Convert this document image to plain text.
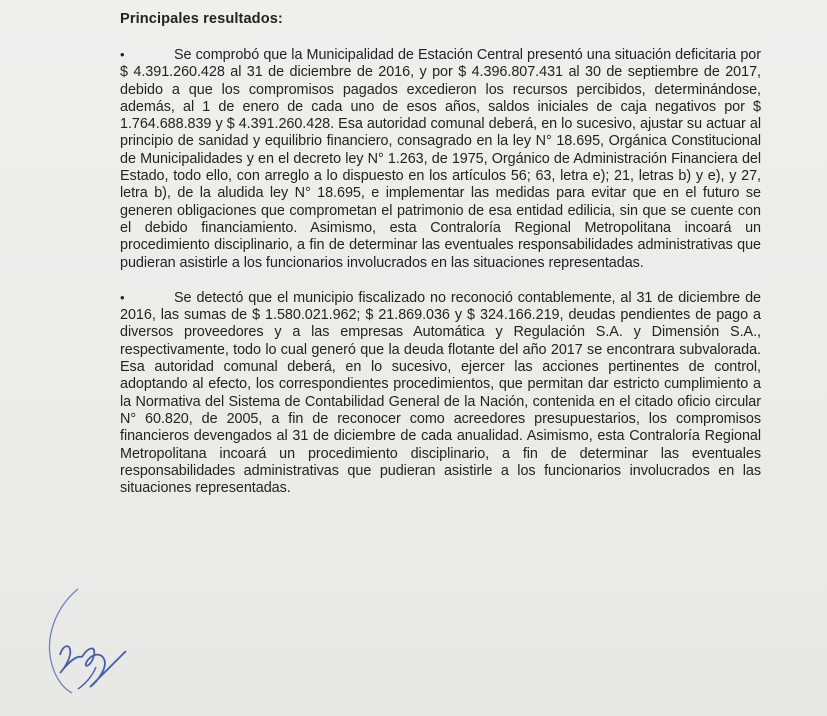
Principales resultados:

•	Se comprobó que la Municipalidad de Estación Central presentó una situación deficitaria por $ 4.391.260.428 al 31 de diciembre de 2016, y por $ 4.396.807.431 al 30 de septiembre de 2017, debido a que los compromisos pagados excedieron los recursos percibidos, determinándose, además, al 1 de enero de cada uno de esos años, saldos iniciales de caja negativos por $ 1.764.688.839 y $ 4.391.260.428. Esa autoridad comunal deberá, en lo sucesivo, ajustar su actuar al principio de sanidad y equilibrio financiero, consagrado en la ley N° 18.695, Orgánica Constitucional de Municipalidades y en el decreto ley N° 1.263, de 1975, Orgánico de Administración Financiera del Estado, todo ello, con arreglo a lo dispuesto en los artículos 56; 63, letra e); 21, letras b) y e), y 27, letra b), de la aludida ley N° 18.695, e implementar las medidas para evitar que en el futuro se generen obligaciones que comprometan el patrimonio de esa entidad edilicia, sin que se cuente con el debido financiamiento. Asimismo, esta Contraloría Regional Metropolitana incoará un procedimiento disciplinario, a fin de determinar las eventuales responsabilidades administrativas que pudieran asistirle a los funcionarios involucrados en las situaciones representadas.

•	Se detectó que el municipio fiscalizado no reconoció contablemente, al 31 de diciembre de 2016, las sumas de $ 1.580.021.962; $ 21.869.036 y $ 324.166.219, deudas pendientes de pago a diversos proveedores y a las empresas Automática y Regulación S.A. y Dimensión S.A., respectivamente, todo lo cual generó que la deuda flotante del año 2017 se encontrara subvalorada. Esa autoridad comunal deberá, en lo sucesivo, ejercer las acciones pertinentes de control, adoptando al efecto, los correspondientes procedimientos, que permitan dar estricto cumplimiento a la Normativa del Sistema de Contabilidad General de la Nación, contenida en el citado oficio circular N° 60.820, de 2005, a fin de reconocer como acreedores presupuestarios, los compromisos financieros devengados al 31 de diciembre de cada anualidad. Asimismo, esta Contraloría Regional Metropolitana incoará un procedimiento disciplinario, a fin de determinar las eventuales responsabilidades administrativas que pudieran asistirle a los funcionarios involucrados en las situaciones representadas.
